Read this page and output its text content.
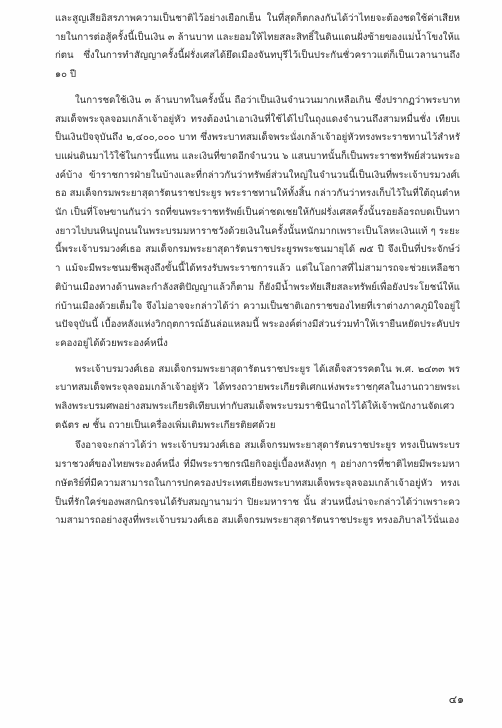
และสูญเสียอิสรภาพความเป็นชาติไว้อย่างเยือกเย็น ในที่สุดก็ตกลงกันได้ว่าไทยจะต้องชดใช้ค่าเสียหายในการต่อสู้ครั้งนี้เป็นเงิน ๓ ล้านบาท และยอมให้ไทยสละสิทธิ์ในดินแดนฝั่งซ้ายของแม่น้ำโขงให้แก่ตน ซึ่งในการทำสัญญาครั้งนี้ฝรั่งเศสได้ยึดเมืองจันทบุรีไว้เป็นประกันชั่วคราวแต่ก็เป็นเวลานานถึง ๑๐ ปี

ในการชดใช้เงิน ๓ ล้านบาทในครั้งนั้น ถือว่าเป็นเงินจำนวนมากเหลือเกิน ซึ่งปรากฏว่าพระบาทสมเด็จพระจุลจอมเกล้าเจ้าอยู่หัว ทรงต้องนำเอาเงินที่ใช้ได้ไปในถุงแดงจำนวนถึงสามหมื่นชั่ง เทียบเป็นเงินปัจจุบันถึง ๒,๔๐๐,๐๐๐ บาท ซึ่งพระบาทสมเด็จพระนั่งเกล้าเจ้าอยู่หัวทรงพระราชทานไว้สำหรับแผ่นดินมาไว้ใช้ในการนี้แทน และเงินที่ขาดอีกจำนวน ๖ แสนบาทนั้นก็เป็นพระราชทรัพย์ส่วนพระองค์บ้าง ข้าราชการฝ่ายในบ้างและที่กล่าวกันว่าทรัพย์ส่วนใหญ่ในจำนวนนี้เป็นเงินที่พระเจ้าบรมวงศ์เธอ สมเด็จกรมพระยาสุดารัตนราชประยูร พระราชทานให้ทั้งสิ้น กล่าวกันว่าทรงเก็บไว้ในที่ใต้ถุนตำหนัก เป็นที่โจษขานกันว่า รถที่ขนพระราชทรัพย์เป็นค่าชดเชยให้กับฝรั่งเศสครั้งนั้นรอยล้อรถบดเป็นทางยาวไปบนหินปูถนนในพระบรมมหาราชวังด้วยเงินในครั้งนั้นหนักมากเพราะเป็นโลหะเงินแท้ ๆ ระยะนี้พระเจ้าบรมวงศ์เธอ สมเด็จกรมพระยาสุดารัตนราชประยูรพระชนมายุได้ ๗๕ ปี จึงเป็นที่ประจักษ์ว่า แม้จะมีพระชนมชีพสูงถึงขั้นนี้ได้ทรงรับพระราชการแล้ว แต่ในโอกาสที่ไม่สามารถจะช่วยเหลือชาติบ้านเมืองทางด้านพละกำลังสติปัญญาแล้วก็ตาม ก็ยังมีน้ำพระทัยเสียสละทรัพย์เพื่อยังประโยชน์ให้แก่บ้านเมืองด้วยเต็มใจ จึงไม่อาจจะกล่าวได้ว่า ความเป็นชาติเอกราชของไทยที่เราต่างภาคภูมิใจอยู่ในปัจจุบันนี้ เบื้องหลังแห่งวิกฤตการณ์อันล่อแหลมนี้ พระองค์ต่างมีส่วนร่วมทำให้เรายืนหยัดประคับประคองอยู่ได้ด้วยพระองค์หนึ่ง

พระเจ้าบรมวงศ์เธอ สมเด็จกรมพระยาสุดารัตนราชประยูร ได้เสด็จสวรรคตใน พ.ศ. ๒๔๓๓ พระบาทสมเด็จพระจุลจอมเกล้าเจ้าอยู่หัว ได้ทรงถวายพระเกียรติเศกแห่งพระราชกุศลในงานถวายพระเพลิงพระบรมศพอย่างสมพระเกียรติเทียบเท่ากับสมเด็จพระบรมราชินีนาถไว้ได้ให้เจ้าพนักงานจัดเศวตฉัตร ๗ ชั้น ถวายเป็นเครื่องเพิ่มเติมพระเกียรติยศด้วย

จึงอาจจะกล่าวได้ว่า พระเจ้าบรมวงศ์เธอ สมเด็จกรมพระยาสุดารัตนราชประยูร ทรงเป็นพระบรมราชวงศ์ของไทยพระองค์หนึ่ง ที่มีพระราชกรณียกิจอยู่เบื้องหลังทุก ๆ อย่างการที่ชาติไทยมีพระมหากษัตริย์ที่มีความสามารถในการปกครองประเทศเยี่ยงพระบาทสมเด็จพระจุลจอมเกล้าเจ้าอยู่หัว ทรงเป็นที่รักใคร่ของพสกนิกรจนได้รับสมญานามว่า ปิยะมหาราช นั้น ส่วนหนึ่งน่าจะกล่าวได้ว่าเพราะความสามารถอย่างสูงที่พระเจ้าบรมวงศ์เธอ สมเด็จกรมพระยาสุดารัตนราชประยูร ทรงอภิบาลไว้นั่นเอง

๔๑
